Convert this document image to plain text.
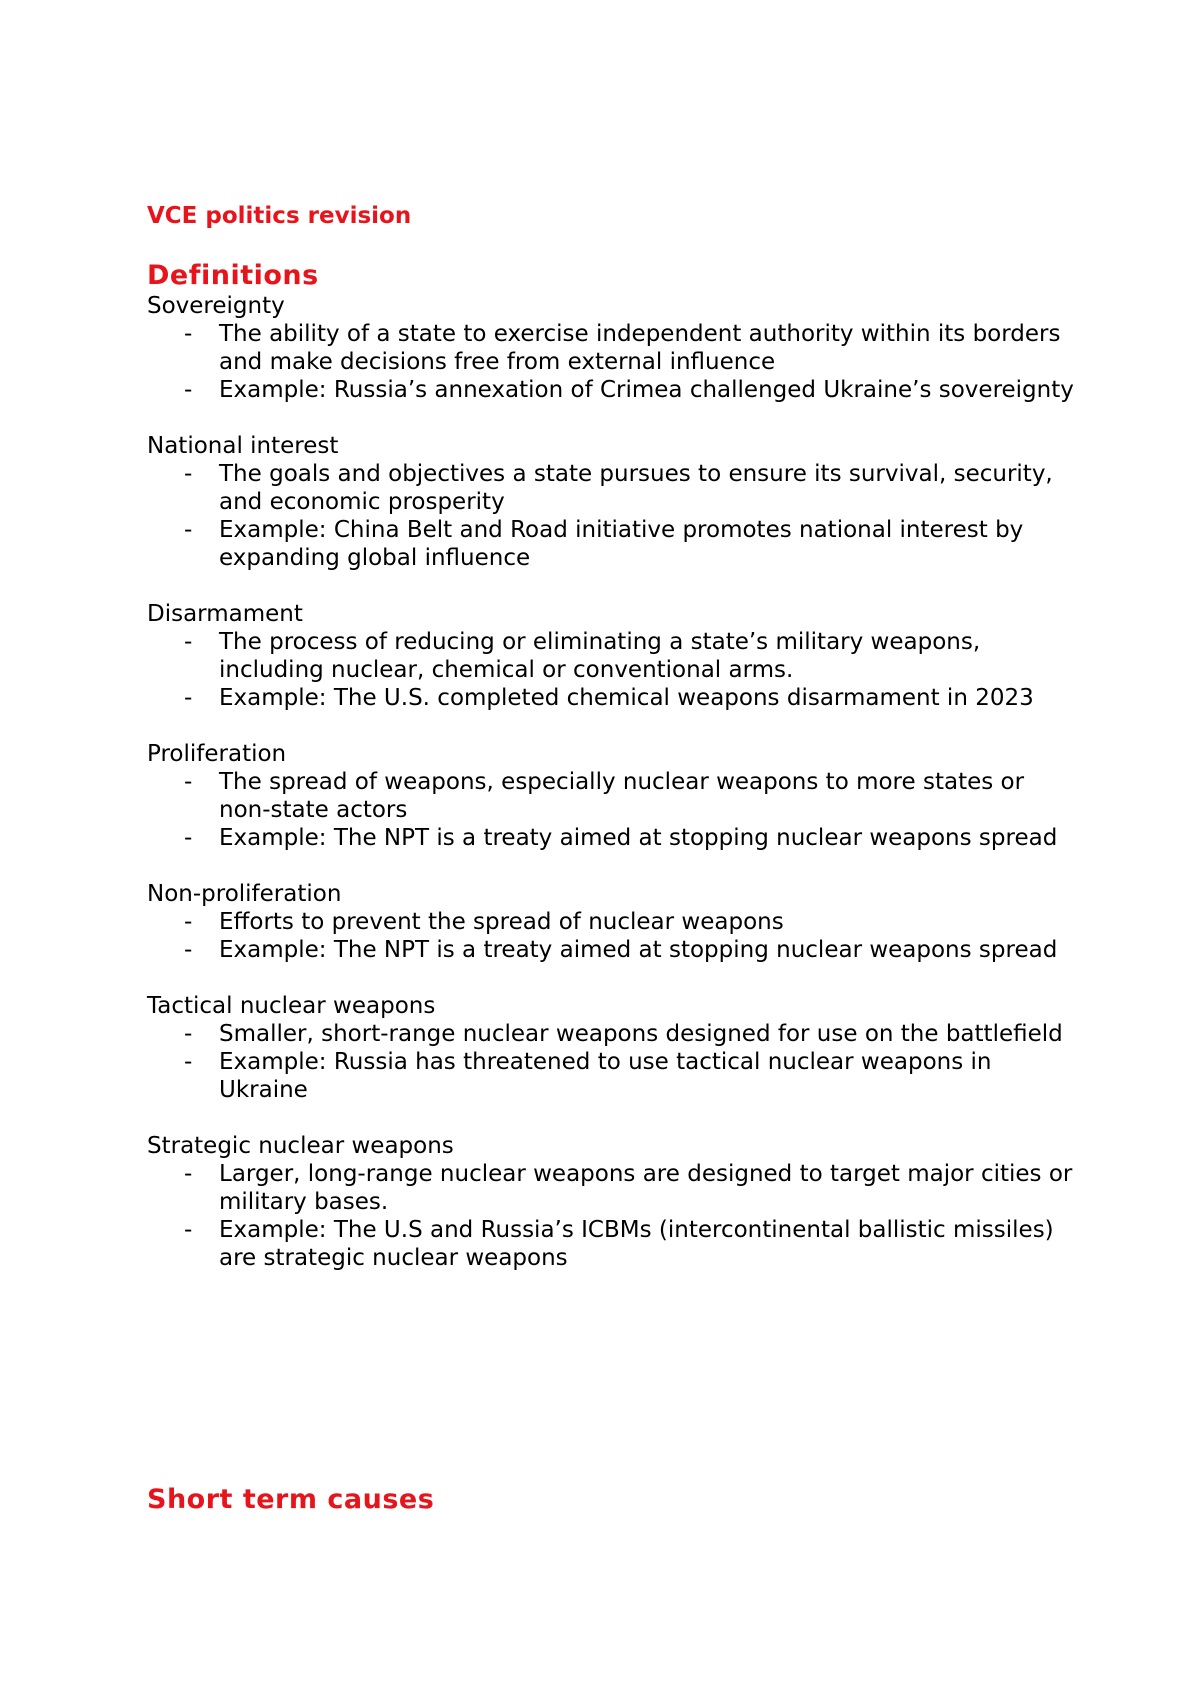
VCE politics revision
Definitions

Sovereignty

- The ability of a state to exercise independent authority within its borders and make decisions free from external influence
- Example: Russia’s annexation of Crimea challenged Ukraine’s sovereignty

National interest

- The goals and objectives a state pursues to ensure its survival, security, and economic prosperity
- Example: China Belt and Road initiative promotes national interest by expanding global influence

Disarmament

- The process of reducing or eliminating a state’s military weapons, including nuclear, chemical or conventional arms.
- Example: The U.S. completed chemical weapons disarmament in 2023

Proliferation

- The spread of weapons, especially nuclear weapons to more states or non-state actors
- Example: The NPT is a treaty aimed at stopping nuclear weapons spread

Non-proliferation

- Efforts to prevent the spread of nuclear weapons
- Example: The NPT is a treaty aimed at stopping nuclear weapons spread

Tactical nuclear weapons

- Smaller, short-range nuclear weapons designed for use on the battlefield
- Example: Russia has threatened to use tactical nuclear weapons in Ukraine

Strategic nuclear weapons

- Larger, long-range nuclear weapons are designed to target major cities or military bases.
- Example: The U.S and Russia’s ICBMs (intercontinental ballistic missiles) are strategic nuclear weapons
Short term causes
